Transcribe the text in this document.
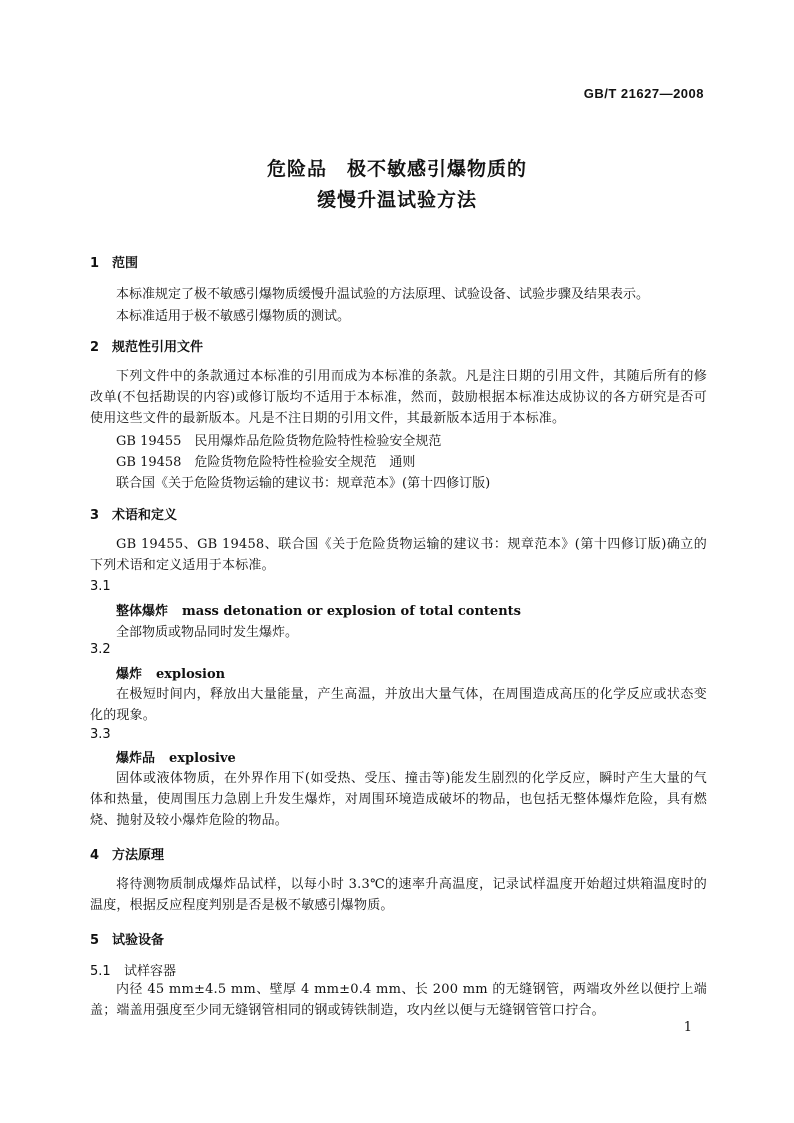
GB/T 21627—2008
危险品　极不敏感引爆物质的
缓慢升温试验方法
1 范围
本标准规定了极不敏感引爆物质缓慢升温试验的方法原理、试验设备、试验步骤及结果表示。
本标准适用于极不敏感引爆物质的测试。
2 规范性引用文件
下列文件中的条款通过本标准的引用而成为本标准的条款。凡是注日期的引用文件，其随后所有的修改单(不包括勘误的内容)或修订版均不适用于本标准，然而，鼓励根据本标准达成协议的各方研究是否可使用这些文件的最新版本。凡是不注日期的引用文件，其最新版本适用于本标准。
GB 19455　民用爆炸品危险货物危险特性检验安全规范
GB 19458　危险货物危险特性检验安全规范　通则
联合国《关于危险货物运输的建议书：规章范本》(第十四修订版)
3 术语和定义
GB 19455、GB 19458、联合国《关于危险货物运输的建议书：规章范本》(第十四修订版)确立的下列术语和定义适用于本标准。
3.1
整体爆炸 mass detonation or explosion of total contents
全部物质或物品同时发生爆炸。
3.2
爆炸 explosion
在极短时间内，释放出大量能量，产生高温，并放出大量气体，在周围造成高压的化学反应或状态变化的现象。
3.3
爆炸品 explosive
固体或液体物质，在外界作用下(如受热、受压、撞击等)能发生剧烈的化学反应，瞬时产生大量的气体和热量，使周围压力急剧上升发生爆炸，对周围环境造成破坏的物品，也包括无整体爆炸危险，具有燃烧、抛射及较小爆炸危险的物品。
4 方法原理
将待测物质制成爆炸品试样，以每小时 3.3℃的速率升高温度，记录试样温度开始超过烘箱温度时的温度，根据反应程度判别是否是极不敏感引爆物质。
5 试验设备
5.1 试样容器
内径 45 mm±4.5 mm、壁厚 4 mm±0.4 mm、长 200 mm 的无缝钢管，两端攻外丝以便拧上端盖；端盖用强度至少同无缝钢管相同的钢或铸铁制造，攻内丝以便与无缝钢管管口拧合。
1
